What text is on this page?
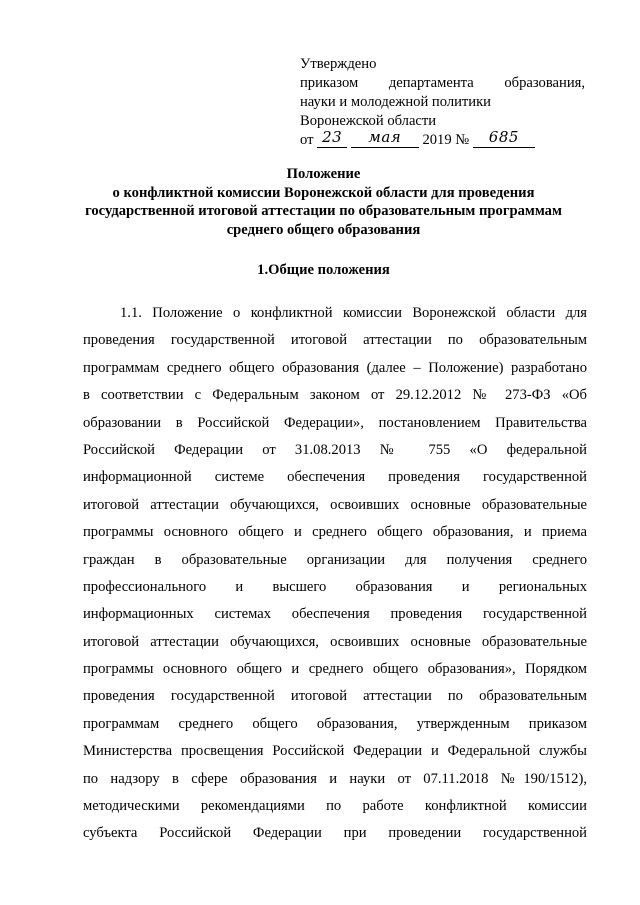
Утверждено
приказом департамента образования,
науки и молодежной политики
Воронежской области
от 23 мая 2019 № 685
Положение
о конфликтной комиссии Воронежской области для проведения
государственной итоговой аттестации по образовательным программам
среднего общего образования
1.Общие положения
1.1. Положение о конфликтной комиссии Воронежской области для
проведения государственной итоговой аттестации по образовательным
программам среднего общего образования (далее – Положение) разработано
в соответствии с Федеральным законом от 29.12.2012 № 273-ФЗ «Об
образовании в Российской Федерации», постановлением Правительства
Российской Федерации от 31.08.2013 № 755 «О федеральной
информационной системе обеспечения проведения государственной
итоговой аттестации обучающихся, освоивших основные образовательные
программы основного общего и среднего общего образования, и приема
граждан в образовательные организации для получения среднего
профессионального и высшего образования и региональных
информационных системах обеспечения проведения государственной
итоговой аттестации обучающихся, освоивших основные образовательные
программы основного общего и среднего общего образования», Порядком
проведения государственной итоговой аттестации по образовательным
программам среднего общего образования, утвержденным приказом
Министерства просвещения Российской Федерации и Федеральной службы
по надзору в сфере образования и науки от 07.11.2018 №190/1512),
методическими рекомендациями по работе конфликтной комиссии
субъекта Российской Федерации при проведении государственной
